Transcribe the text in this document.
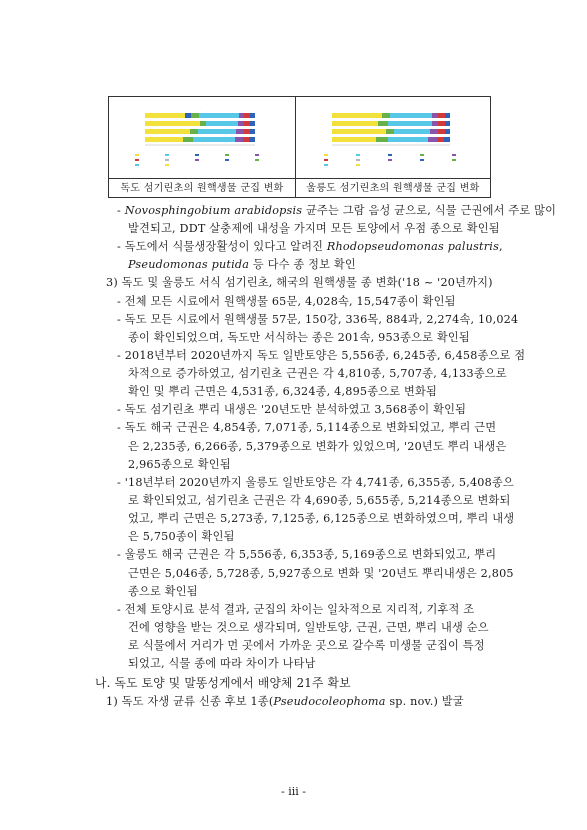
·
독도 섬기린초의 원핵생물 군집 변화	울릉도 섬기린초의 원핵생물 군집 변화
- Novosphingobium arabidopsis 균주는 그람 음성 균으로, 식물 근권에서 주로 많이
발견되고, DDT 살충제에 내성을 가지며 모든 토양에서 우점 종으로 확인됨
- 독도에서 식물생장활성이 있다고 알려진 Rhodopseudomonas palustris,
Pseudomonas putida 등 다수 종 정보 확인
3) 독도 및 울릉도 서식 섬기린초, 해국의 원핵생물 종 변화('18 ~ '20년까지)
- 전체 모든 시료에서 원핵생물 65문, 4,028속, 15,547종이 확인됨
- 독도 모든 시료에서 원핵생물 57문, 150강, 336목, 884과, 2,274속, 10,024
종이 확인되었으며, 독도만 서식하는 종은 201속, 953종으로 확인됨
- 2018년부터 2020년까지 독도 일반토양은 5,556종, 6,245종, 6,458종으로 점
차적으로 증가하였고, 섬기린초 근권은 각 4,810종, 5,707종, 4,133종으로
확인 및 뿌리 근면은 4,531종, 6,324종, 4,895종으로 변화됨
- 독도 섬기린초 뿌리 내생은 '20년도만 분석하였고 3,568종이 확인됨
- 독도 해국 근권은 4,854종, 7,071종, 5,114종으로 변화되었고, 뿌리 근면
은 2,235종, 6,266종, 5,379종으로 변화가 있었으며, '20년도 뿌리 내생은
2,965종으로 확인됨
- '18년부터 2020년까지 울릉도 일반토양은 각 4,741종, 6,355종, 5,408종으
로 확인되었고, 섬기린초 근권은 각 4,690종, 5,655종, 5,214종으로 변화되
었고, 뿌리 근면은 5,273종, 7,125종, 6,125종으로 변화하였으며, 뿌리 내생
은 5,750종이 확인됨
- 울릉도 해국 근권은 각 5,556종, 6,353종, 5,169종으로 변화되었고, 뿌리
근면은 5,046종, 5,728종, 5,927종으로 변화 및 '20년도 뿌리내생은 2,805
종으로 확인됨
- 전체 토양시료 분석 결과, 군집의 차이는 일차적으로 지리적, 기후적 조
건에 영향을 받는 것으로 생각되며, 일반토양, 근권, 근면, 뿌리 내생 순으
로 식물에서 거리가 먼 곳에서 가까운 곳으로 갈수록 미생물 군집이 특정
되었고, 식물 종에 따라 차이가 나타남
나. 독도 토양 및 말똥성게에서 배양체 21주 확보
1) 독도 자생 균류 신종 후보 1종(Pseudocoleophoma sp. nov.) 발굴
- iii -
